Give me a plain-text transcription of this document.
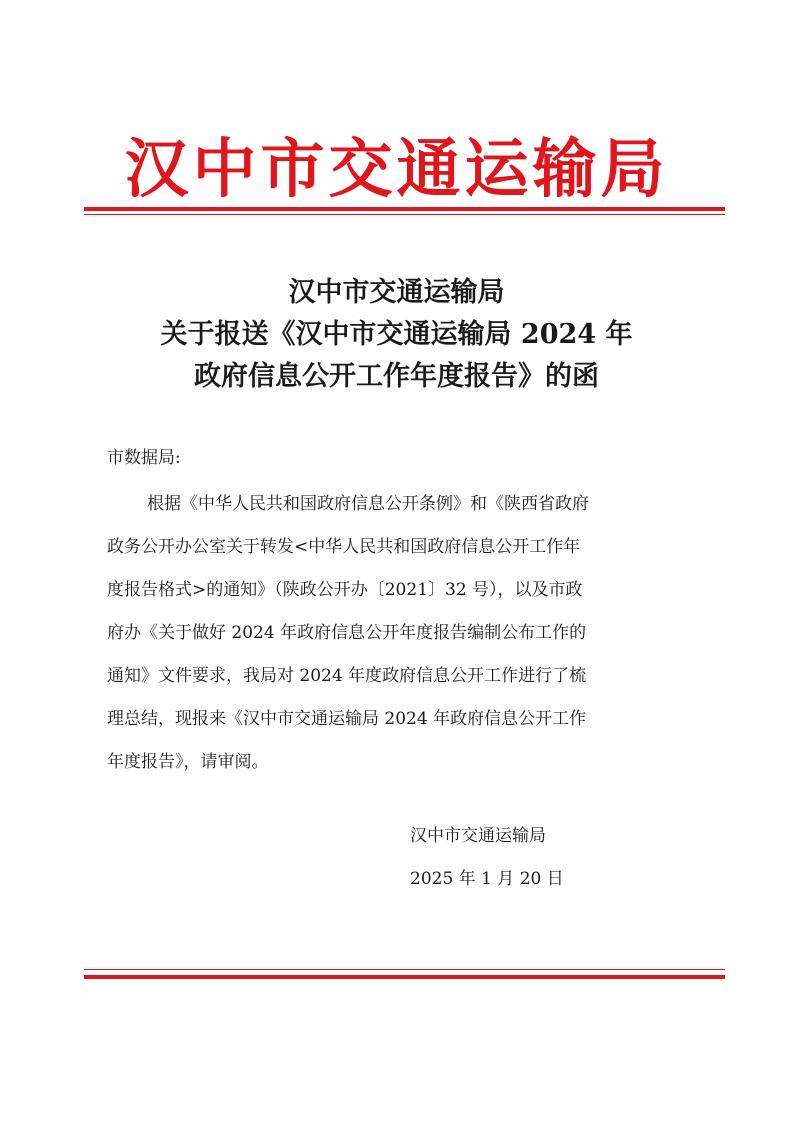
汉中市交通运输局
汉中市交通运输局
关于报送《汉中市交通运输局 2024 年
政府信息公开工作年度报告》的函
市数据局:
根据《中华人民共和国政府信息公开条例》和《陕西省政府
政务公开办公室关于转发<中华人民共和国政府信息公开工作年
度报告格式>的通知》（陕政公开办〔2021〕32 号），以及市政
府办《关于做好 2024 年政府信息公开年度报告编制公布工作的
通知》文件要求，我局对 2024 年度政府信息公开工作进行了梳
理总结，现报来《汉中市交通运输局 2024 年政府信息公开工作
年度报告》，请审阅。
汉中市交通运输局
2025 年 1 月 20 日
